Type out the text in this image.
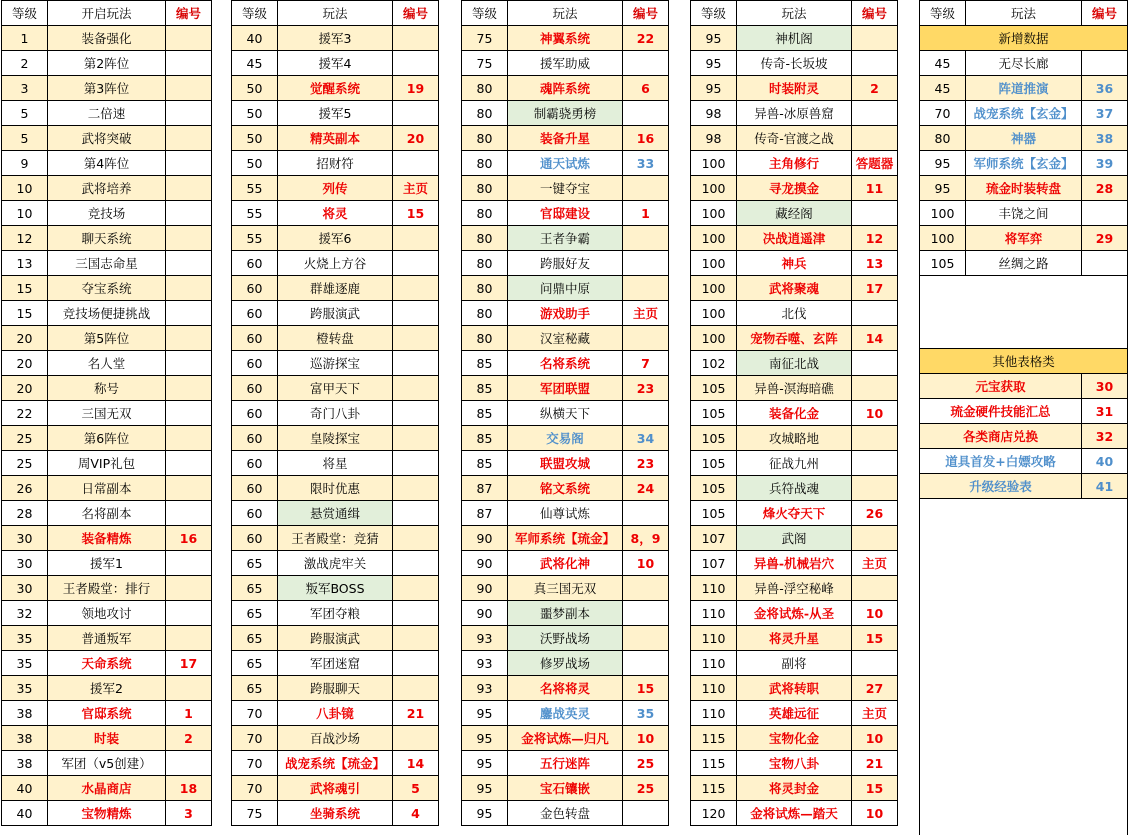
等级	开启玩法	编号
1	装备强化	
2	第2阵位	
3	第3阵位	
5	二倍速	
5	武将突破	
9	第4阵位	
10	武将培养	
10	竞技场	
12	聊天系统	
13	三国志命星	
15	夺宝系统	
15	竞技场便捷挑战	
20	第5阵位	
20	名人堂	
20	称号	
22	三国无双	
25	第6阵位	
25	周VIP礼包	
26	日常副本	
28	名将副本	
30	装备精炼	16
30	援军1	
30	王者殿堂：排行	
32	领地攻讨	
35	普通叛军	
35	天命系统	17
35	援军2	
38	官邸系统	1
38	时装	2
38	军团（v5创建）	
40	水晶商店	18
40	宝物精炼	3
等级	玩法	编号
40	援军3	
45	援军4	
50	觉醒系统	19
50	援军5	
50	精英副本	20
50	招财符	
55	列传	主页
55	将灵	15
55	援军6	
60	火烧上方谷	
60	群雄逐鹿	
60	跨服演武	
60	橙转盘	
60	巡游探宝	
60	富甲天下	
60	奇门八卦	
60	皇陵探宝	
60	将星	
60	限时优惠	
60	悬赏通缉	
60	王者殿堂：竞猜	
65	激战虎牢关	
65	叛军BOSS	
65	军团夺粮	
65	跨服演武	
65	军团迷窟	
65	跨服聊天	
70	八卦镜	21
70	百战沙场	
70	战宠系统【琉金】	14
70	武将魂引	5
75	坐骑系统	4
等级	玩法	编号
75	神翼系统	22
75	援军助威	
80	魂阵系统	6
80	制霸骁勇榜	
80	装备升星	16
80	通天试炼	33
80	一键夺宝	
80	官邸建设	1
80	王者争霸	
80	跨服好友	
80	问鼎中原	
80	游戏助手	主页
80	汉室秘藏	
85	名将系统	7
85	军团联盟	23
85	纵横天下	
85	交易阁	34
85	联盟攻城	23
87	铭文系统	24
87	仙尊试炼	
90	军师系统【琉金】	8，9
90	武将化神	10
90	真三国无双	
90	噩梦副本	
93	沃野战场	
93	修罗战场	
93	名将将灵	15
95	鏖战英灵	35
95	金将试炼—归凡	10
95	五行迷阵	25
95	宝石镶嵌	25
95	金色转盘	
等级	玩法	编号
95	神机阁	
95	传奇-长坂坡	
95	时装附灵	2
98	异兽-冰原兽窟	
98	传奇-官渡之战	
100	主角修行	答题器
100	寻龙摸金	11
100	藏经阁	
100	决战逍遥津	12
100	神兵	13
100	武将聚魂	17
100	北伐	
100	宠物吞噬、玄阵	14
102	南征北战	
105	异兽-溟海暗礁	
105	装备化金	10
105	攻城略地	
105	征战九州	
105	兵符战魂	
105	烽火夺天下	26
107	武阁	
107	异兽-机械岩穴	主页
110	异兽-浮空秘峰	
110	金将试炼-从圣	10
110	将灵升星	15
110	副将	
110	武将转职	27
110	英雄远征	主页
115	宝物化金	10
115	宝物八卦	21
115	将灵封金	15
120	金将试炼—踏天	10
等级	玩法	编号
新增数据		
45	无尽长廊	
45	阵道推演	36
70	战宠系统【玄金】	37
80	神器	38
95	军师系统【玄金】	39
95	琉金时装转盘	28
100	丰饶之间	
100	将军弈	29
105	丝绸之路	

其他表格类		
元宝获取		30
琉金硬件技能汇总		31
各类商店兑换		32
道具首发+白嫖攻略		40
升级经验表		41
